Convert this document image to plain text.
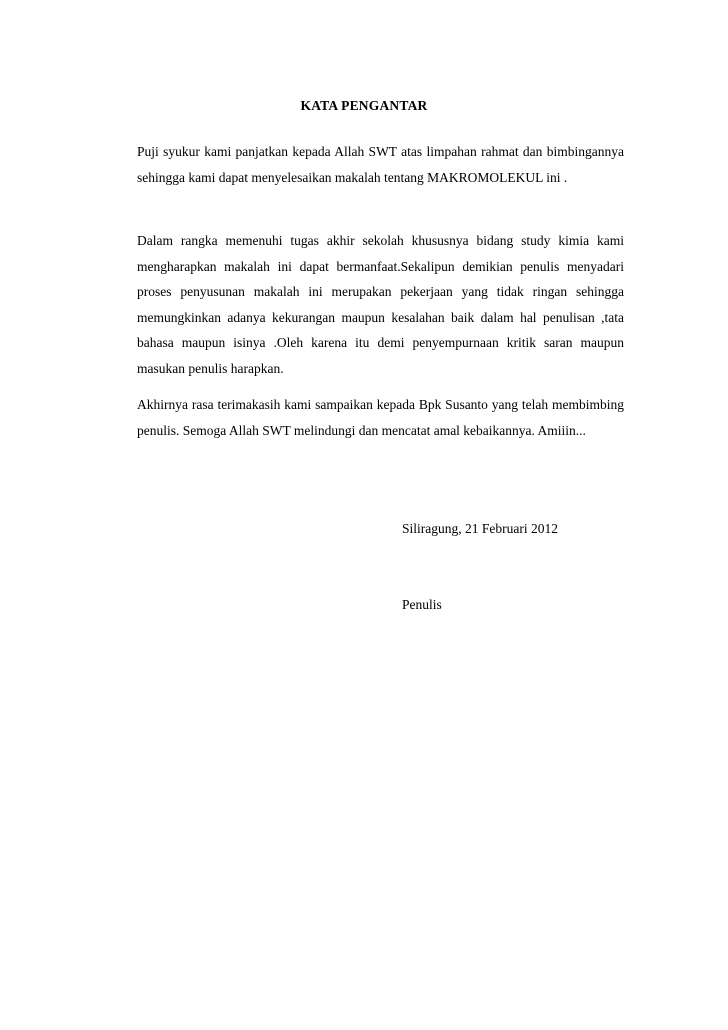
KATA PENGANTAR

Puji syukur kami panjatkan kepada Allah SWT atas limpahan rahmat dan bimbingannya sehingga kami dapat menyelesaikan makalah tentang MAKROMOLEKUL ini .

Dalam rangka memenuhi tugas akhir sekolah khususnya bidang study kimia kami mengharapkan makalah ini dapat bermanfaat.Sekalipun demikian penulis menyadari proses penyusunan makalah ini merupakan pekerjaan yang tidak ringan sehingga memungkinkan adanya kekurangan maupun kesalahan baik dalam hal penulisan ,tata bahasa maupun isinya .Oleh karena itu demi penyempurnaan kritik saran maupun masukan penulis harapkan.

Akhirnya rasa terimakasih kami sampaikan kepada Bpk Susanto yang telah membimbing penulis. Semoga Allah SWT melindungi dan mencatat amal kebaikannya. Amiiin...

Siliragung, 21 Februari 2012
Penulis
